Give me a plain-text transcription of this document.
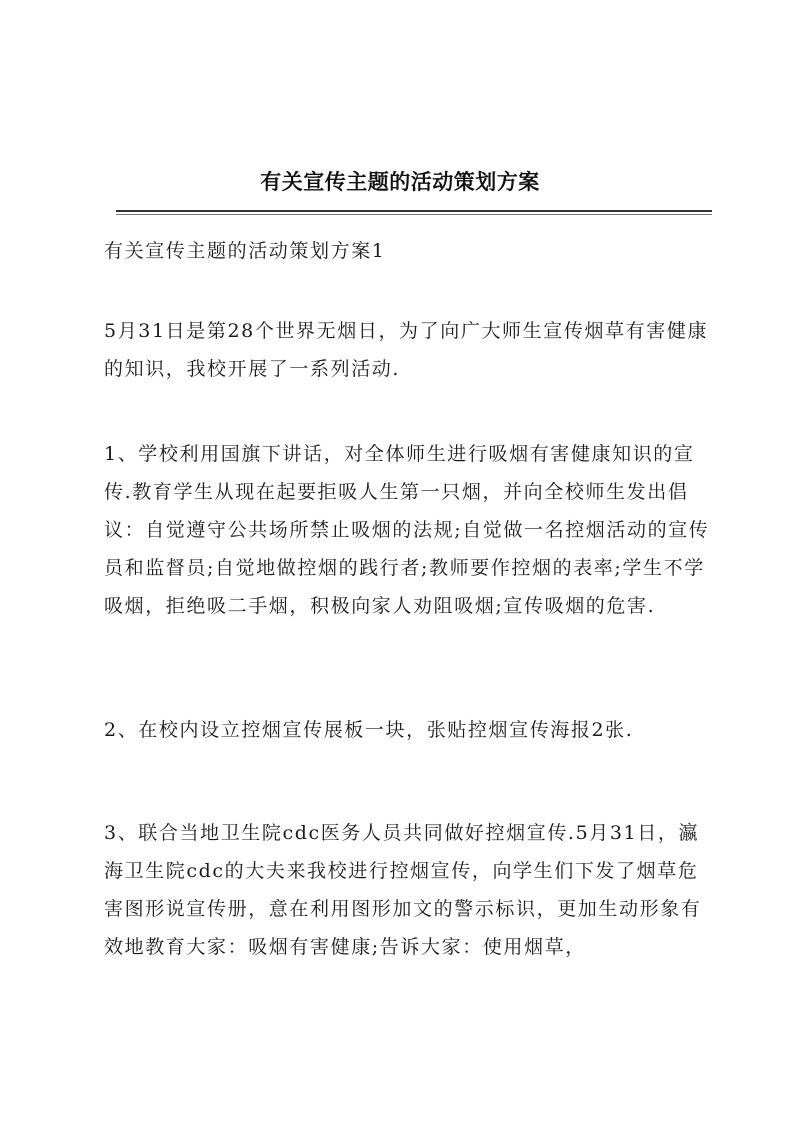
有关宣传主题的活动策划方案

有关宣传主题的活动策划方案1

5月31日是第28个世界无烟日，为了向广大师生宣传烟草有害健康的知识，我校开展了一系列活动.

1、学校利用国旗下讲话，对全体师生进行吸烟有害健康知识的宣传.教育学生从现在起要拒吸人生第一只烟，并向全校师生发出倡议：自觉遵守公共场所禁止吸烟的法规;自觉做一名控烟活动的宣传员和监督员;自觉地做控烟的践行者;教师要作控烟的表率;学生不学吸烟，拒绝吸二手烟，积极向家人劝阻吸烟;宣传吸烟的危害.

2、在校内设立控烟宣传展板一块，张贴控烟宣传海报2张.

3、联合当地卫生院cdc医务人员共同做好控烟宣传.5月31日，瀛海卫生院cdc的大夫来我校进行控烟宣传，向学生们下发了烟草危害图形说宣传册，意在利用图形加文的警示标识，更加生动形象有效地教育大家：吸烟有害健康;告诉大家：使用烟草，
